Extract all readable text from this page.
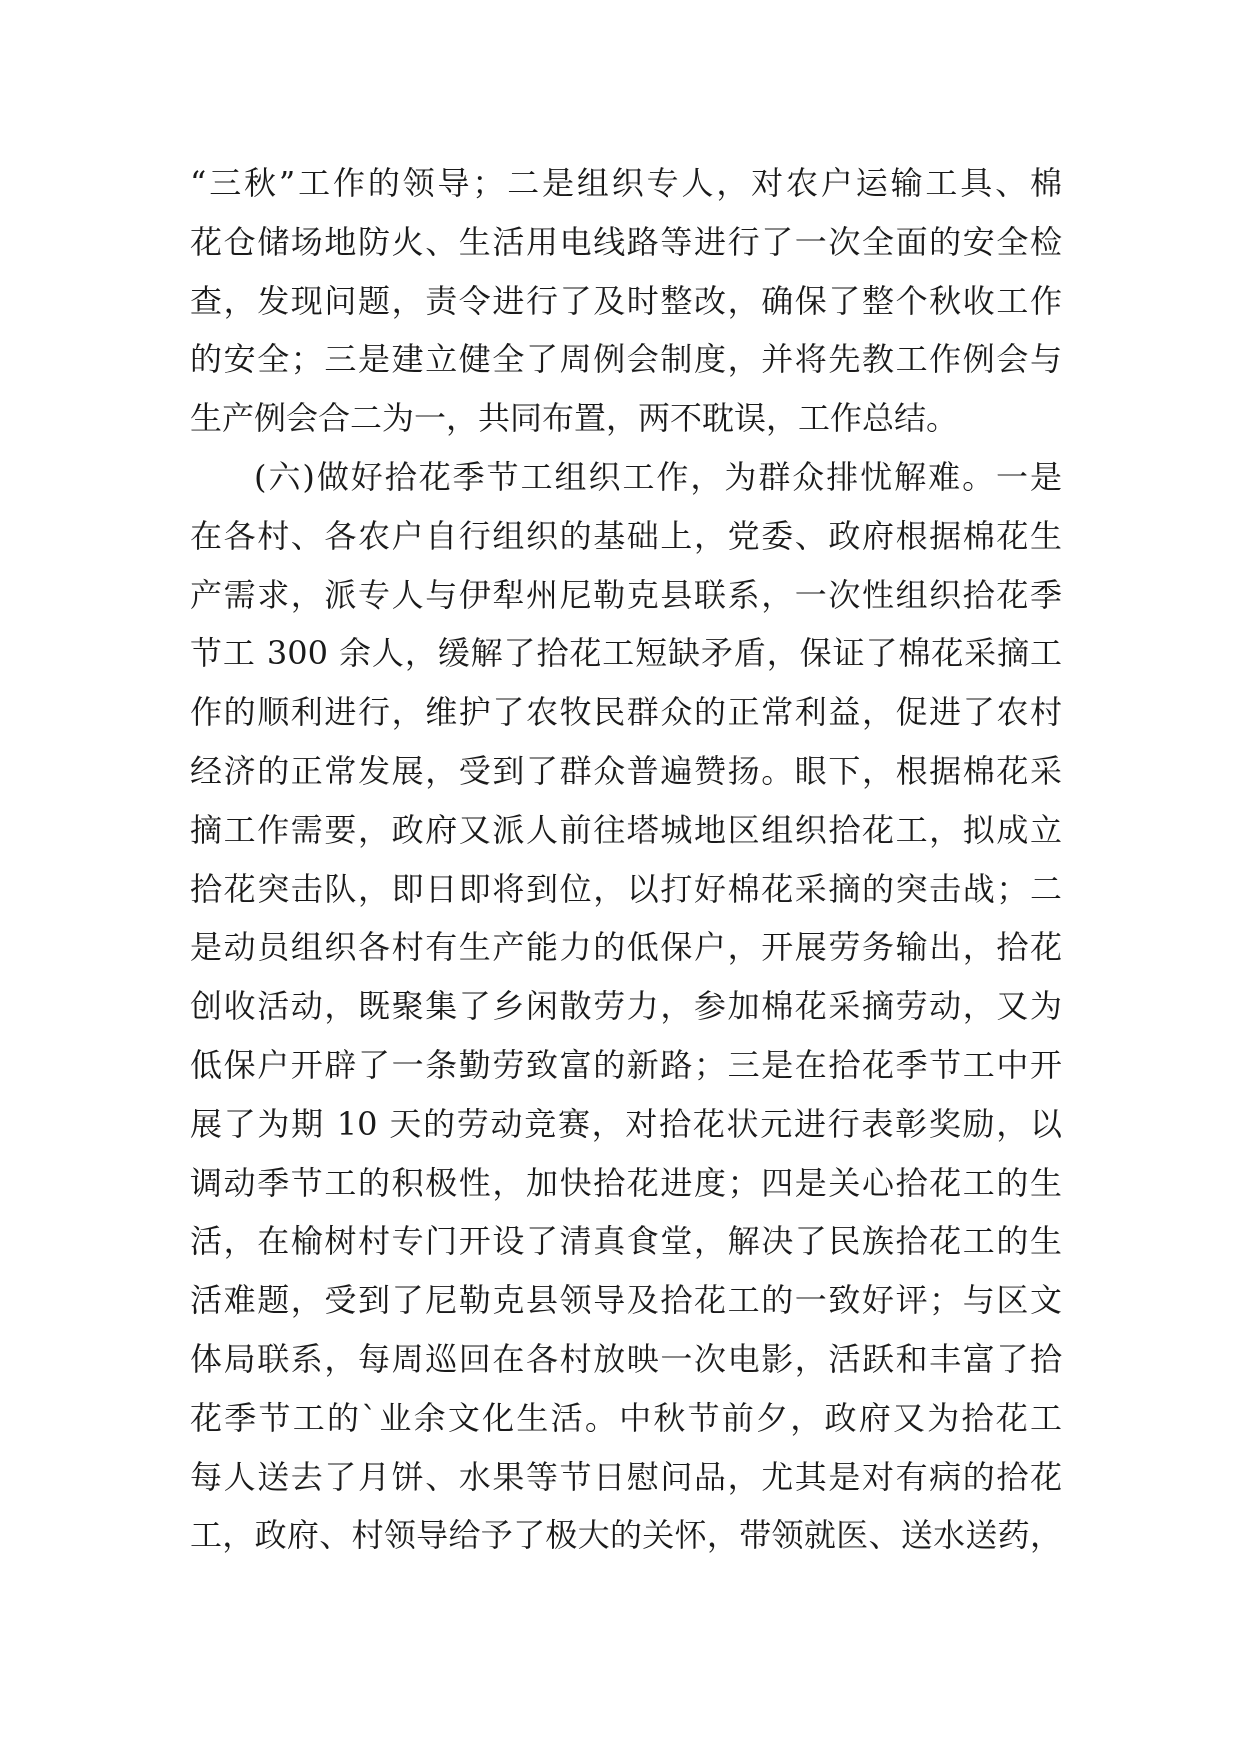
“三秋”工作的领导；二是组织专人，对农户运输工具、棉
花仓储场地防火、生活用电线路等进行了一次全面的安全检
查，发现问题，责令进行了及时整改，确保了整个秋收工作
的安全；三是建立健全了周例会制度，并将先教工作例会与
生产例会合二为一，共同布置，两不耽误，工作总结。
(六)做好拾花季节工组织工作，为群众排忧解难。一是
在各村、各农户自行组织的基础上，党委、政府根据棉花生
产需求，派专人与伊犁州尼勒克县联系，一次性组织拾花季
节工 300 余人，缓解了拾花工短缺矛盾，保证了棉花采摘工
作的顺利进行，维护了农牧民群众的正常利益，促进了农村
经济的正常发展，受到了群众普遍赞扬。眼下，根据棉花采
摘工作需要，政府又派人前往塔城地区组织拾花工，拟成立
拾花突击队，即日即将到位，以打好棉花采摘的突击战；二
是动员组织各村有生产能力的低保户，开展劳务输出，拾花
创收活动，既聚集了乡闲散劳力，参加棉花采摘劳动，又为
低保户开辟了一条勤劳致富的新路；三是在拾花季节工中开
展了为期 10 天的劳动竞赛，对拾花状元进行表彰奖励，以
调动季节工的积极性，加快拾花进度；四是关心拾花工的生
活，在榆树村专门开设了清真食堂，解决了民族拾花工的生
活难题，受到了尼勒克县领导及拾花工的一致好评；与区文
体局联系，每周巡回在各村放映一次电影，活跃和丰富了拾
花季节工的`业余文化生活。中秋节前夕，政府又为拾花工
每人送去了月饼、水果等节日慰问品，尤其是对有病的拾花
工，政府、村领导给予了极大的关怀，带领就医、送水送药，
